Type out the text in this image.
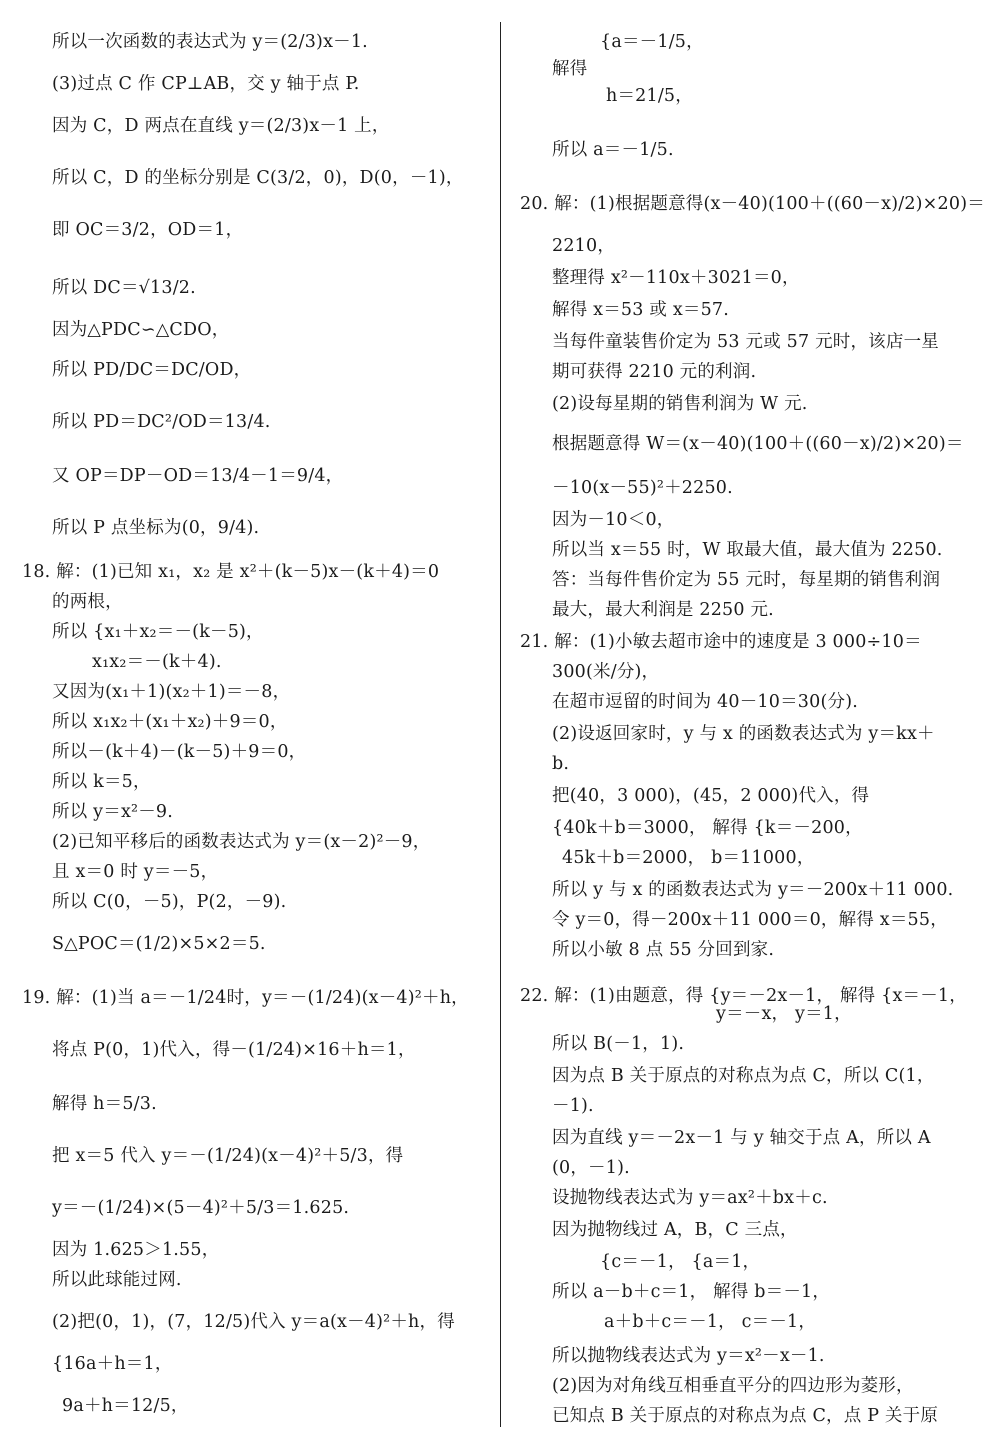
所以一次函数的表达式为 y＝(2/3)x－1.
(3)过点 C 作 CP⊥AB，交 y 轴于点 P.
因为 C，D 两点在直线 y＝(2/3)x－1 上，
所以 C，D 的坐标分别是 C(3/2，0)，D(0，－1)，
即 OC＝3/2，OD＝1，
所以 DC＝√13/2.
因为△PDC∽△CDO，
所以 PD/DC＝DC/OD，
所以 PD＝DC²/OD＝13/4.
又 OP＝DP－OD＝13/4－1＝9/4，
所以 P 点坐标为(0，9/4).
18. 解：(1)已知 x₁，x₂ 是 x²＋(k－5)x－(k＋4)＝0
的两根，
所以 {x₁＋x₂＝－(k－5)，
x₁x₂＝－(k＋4).
又因为(x₁＋1)(x₂＋1)＝－8，
所以 x₁x₂＋(x₁＋x₂)＋9＝0，
所以－(k＋4)－(k－5)＋9＝0，
所以 k＝5，
所以 y＝x²－9.
(2)已知平移后的函数表达式为 y＝(x－2)²－9，
且 x＝0 时 y＝－5，
所以 C(0，－5)，P(2，－9).
S△POC＝(1/2)×5×2＝5.
19. 解：(1)当 a＝－1/24时，y＝－(1/24)(x－4)²＋h，
将点 P(0，1)代入，得－(1/24)×16＋h＝1，
解得 h＝5/3.
把 x＝5 代入 y＝－(1/24)(x－4)²＋5/3，得
y＝－(1/24)×(5－4)²＋5/3＝1.625.
因为 1.625＞1.55，
所以此球能过网.
(2)把(0，1)，(7，12/5)代入 y＝a(x－4)²＋h，得
{16a＋h＝1，
9a＋h＝12/5，
{a＝－1/5，
解得
h＝21/5，
所以 a＝－1/5.
20. 解：(1)根据题意得(x－40)(100＋((60－x)/2)×20)＝
2210，
整理得 x²－110x＋3021＝0，
解得 x＝53 或 x＝57.
当每件童装售价定为 53 元或 57 元时，该店一星
期可获得 2210 元的利润.
(2)设每星期的销售利润为 W 元.
根据题意得 W＝(x－40)(100＋((60－x)/2)×20)＝
－10(x－55)²＋2250.
因为－10＜0，
所以当 x＝55 时，W 取最大值，最大值为 2250.
答：当每件售价定为 55 元时，每星期的销售利润
最大，最大利润是 2250 元.
21. 解：(1)小敏去超市途中的速度是 3 000÷10＝
300(米/分)，
在超市逗留的时间为 40－10＝30(分).
(2)设返回家时，y 与 x 的函数表达式为 y＝kx＋
b.
把(40，3 000)，(45，2 000)代入，得
{40k＋b＝3000， 解得 {k＝－200，
45k＋b＝2000， b＝11000，
所以 y 与 x 的函数表达式为 y＝－200x＋11 000.
令 y＝0，得－200x＋11 000＝0，解得 x＝55，
所以小敏 8 点 55 分回到家.
22. 解：(1)由题意，得 {y＝－2x－1， 解得 {x＝－1，
y＝－x， y＝1，
所以 B(－1，1).
因为点 B 关于原点的对称点为点 C，所以 C(1，
－1).
因为直线 y＝－2x－1 与 y 轴交于点 A，所以 A
(0，－1).
设抛物线表达式为 y＝ax²＋bx＋c.
因为抛物线过 A，B，C 三点，
{c＝－1， {a＝1，
所以 a－b＋c＝1， 解得 b＝－1，
a＋b＋c＝－1， c＝－1，
所以抛物线表达式为 y＝x²－x－1.
(2)因为对角线互相垂直平分的四边形为菱形，
已知点 B 关于原点的对称点为点 C，点 P 关于原
